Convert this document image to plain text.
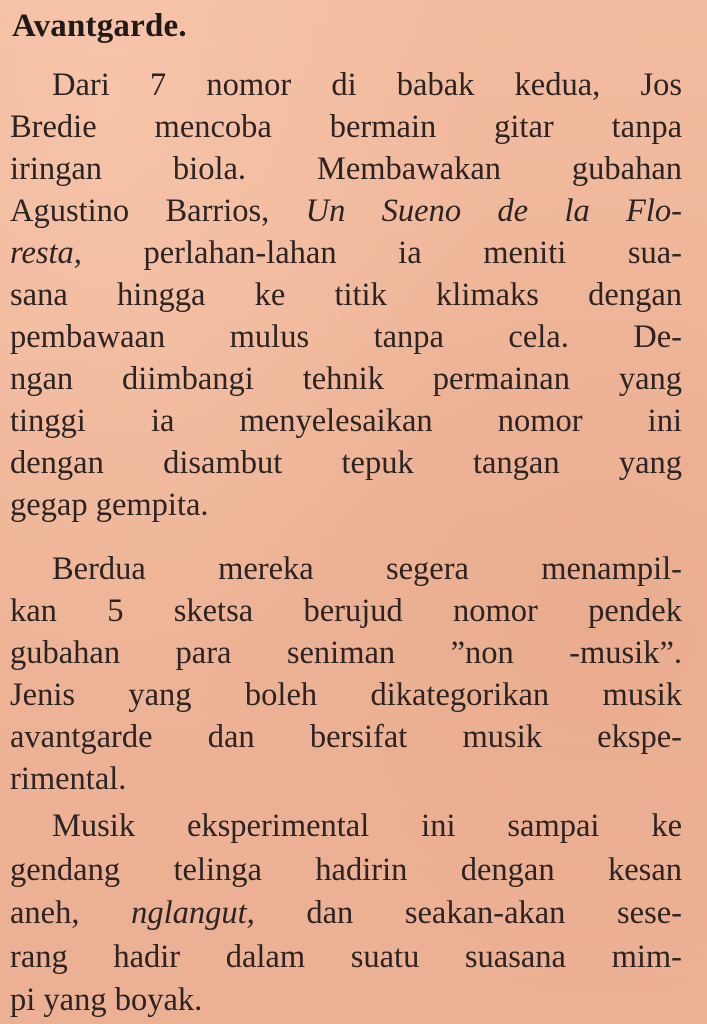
Avantgarde.
Dari 7 nomor di babak kedua, Jos
Bredie mencoba bermain gitar tanpa
iringan biola. Membawakan gubahan
Agustino Barrios, Un Sueno de la Flo-
resta, perlahan-lahan ia meniti sua-
sana hingga ke titik klimaks dengan
pembawaan mulus tanpa cela. De-
ngan diimbangi tehnik permainan yang
tinggi ia menyelesaikan nomor ini
dengan disambut tepuk tangan yang
gegap gempita.
Berdua mereka segera menampil-
kan 5 sketsa berujud nomor pendek
gubahan para seniman ”non -musik”.
Jenis yang boleh dikategorikan musik
avantgarde dan bersifat musik ekspe-
rimental.
Musik eksperimental ini sampai ke
gendang telinga hadirin dengan kesan
aneh, nglangut, dan seakan-akan sese-
rang hadir dalam suatu suasana mim-
pi yang boyak.
